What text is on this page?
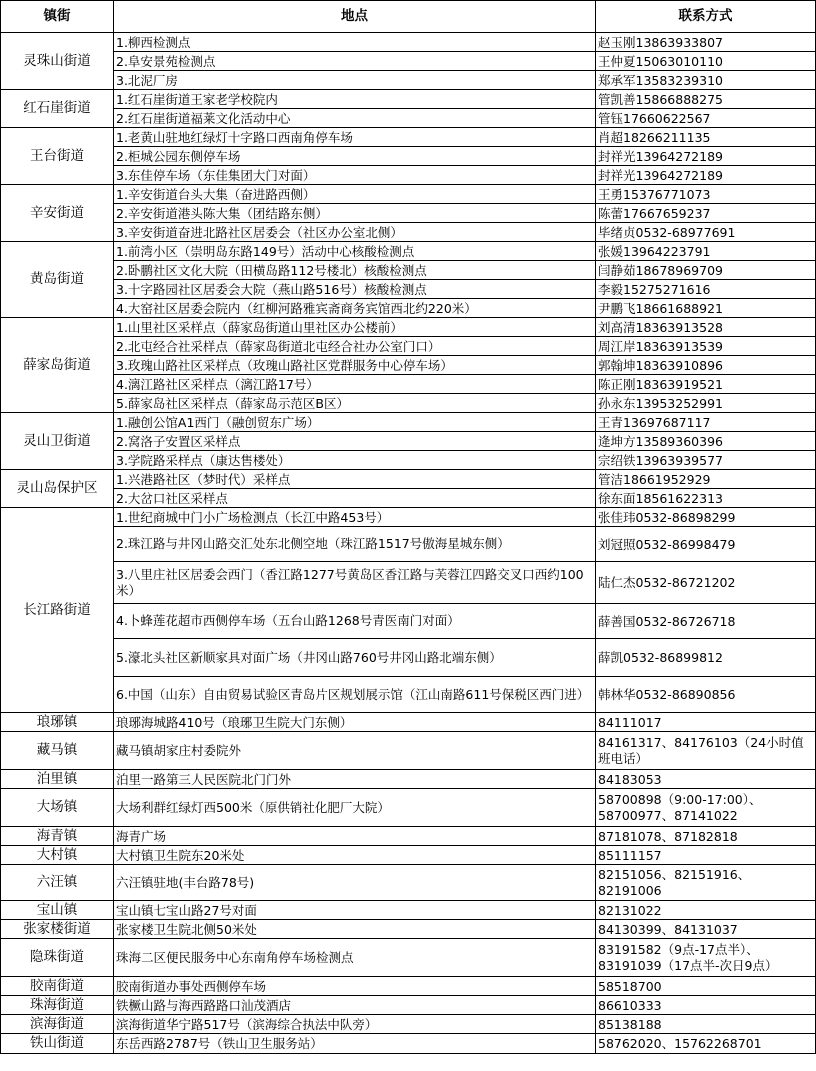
镇街	地点	联系方式
灵珠山街道	1.柳西检测点	赵玉刚13863933807
	2.阜安景苑检测点	王仲夏15063010110
	3.北泥厂房	郑承军13583239310
红石崖街道	1.红石崖街道王家老学校院内	管凯善15866888275
	2.红石崖街道福莱文化活动中心	管钰17660622567
王台街道	1.老黄山驻地红绿灯十字路口西南角停车场	肖超18266211135
	2.柜城公园东侧停车场	封祥光13964272189
	3.东佳停车场（东佳集团大门对面）	封祥光13964272189
辛安街道	1.辛安街道台头大集（奋进路西侧）	王勇15376771073
	2.辛安街道港头陈大集（团结路东侧）	陈蕾17667659237
	3.辛安街道奋进北路社区居委会（社区办公室北侧）	毕绪贞0532-68977691
黄岛街道	1.前湾小区（崇明岛东路149号）活动中心核酸检测点	张媛13964223791
	2.卧鹏社区文化大院（田横岛路112号楼北）核酸检测点	闫静茹18678969709
	3.十字路园社区居委会大院（燕山路516号）核酸检测点	李毅15275271616
	4.大窑社区居委会院内（红柳河路雅宾斋商务宾馆西北约220米）	尹鹏飞18661688921
薛家岛街道	1.山里社区采样点（薛家岛街道山里社区办公楼前）	刘高清18363913528
	2.北屯经合社采样点（薛家岛街道北屯经合社办公室门口）	周江岸18363913539
	3.玫瑰山路社区采样点（玫瑰山路社区党群服务中心停车场）	郭翰坤18363910896
	4.漓江路社区采样点（漓江路17号）	陈正刚18363919521
	5.薛家岛社区采样点（薛家岛示范区B区）	孙永东13953252991
灵山卫街道	1.融创公馆A1西门（融创贸东广场）	王青13697687117
	2.窝洛子安置区采样点	逄坤方13589360396
	3.学院路采样点（康达售楼处）	宗绍铁13963939577
灵山岛保护区	1.兴港路社区（梦时代）采样点	管洁18661952929
	2.大岔口社区采样点	徐东面18561622313
长江路街道	1.世纪商城中门小广场检测点（长江中路453号）	张佳玮0532-86898299
	2.珠江路与井冈山路交汇处东北侧空地（珠江路1517号傲海星城东侧）	刘冠照0532-86998479
	3.八里庄社区居委会西门（香江路1277号黄岛区香江路与芙蓉江四路交叉口西约100米）	陆仁杰0532-86721202
	4.卜蜂莲花超市西侧停车场（五台山路1268号青医南门对面）	薛善国0532-86726718
	5.濠北头社区新顺家具对面广场（井冈山路760号井冈山路北端东侧）	薛凯0532-86899812
	6.中国（山东）自由贸易试验区青岛片区规划展示馆（江山南路611号保税区西门进）	韩林华0532-86890856
琅琊镇	琅琊海城路410号（琅琊卫生院大门东侧）	84111017
藏马镇	藏马镇胡家庄村委院外	84161317、84176103（24小时值班电话）
泊里镇	泊里一路第三人民医院北门门外	84183053
大场镇	大场利群红绿灯西500米（原供销社化肥厂大院）	58700898（9:00-17:00）、58700977、87141022
海青镇	海青广场	87181078、87182818
大村镇	大村镇卫生院东20米处	85111157
六汪镇	六汪镇驻地(丰台路78号)	82151056、82151916、82191006
宝山镇	宝山镇七宝山路27号对面	82131022
张家楼街道	张家楼卫生院北侧50米处	84130399、84131037
隐珠街道	珠海二区便民服务中心东南角停车场检测点	83191582（9点-17点半）、83191039（17点半-次日9点）
胶南街道	胶南街道办事处西侧停车场	58518700
珠海街道	铁橛山路与海西路路口汕茂酒店	86610333
滨海街道	滨海街道华宁路517号（滨海综合执法中队旁）	85138188
铁山街道	东岳西路2787号（铁山卫生服务站）	58762020、15762268701
